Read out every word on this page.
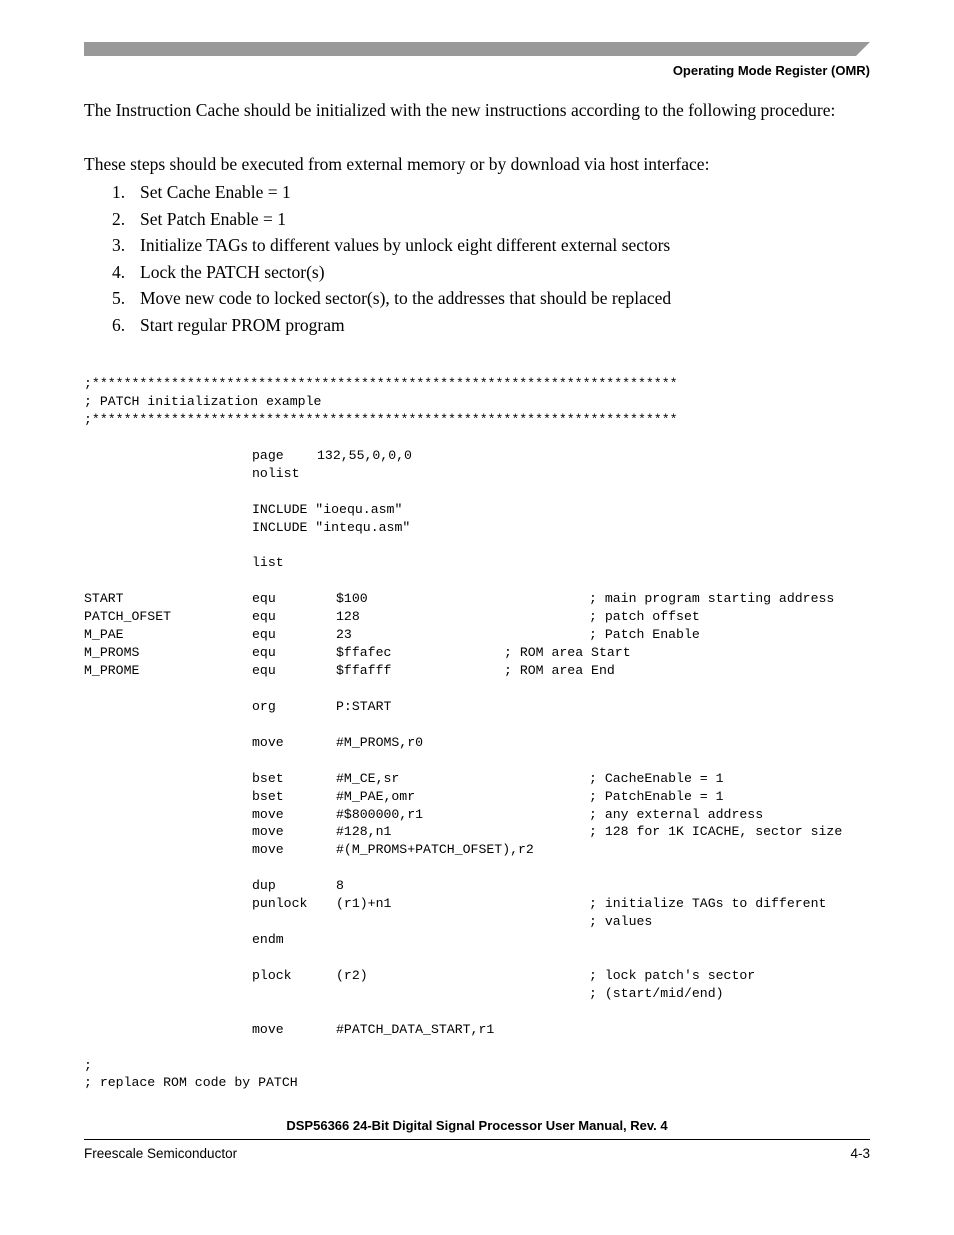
Operating Mode Register (OMR)
The Instruction Cache should be initialized with the new instructions according to the following procedure:
These steps should be executed from external memory or by download via host interface:
1. Set Cache Enable = 1
2. Set Patch Enable = 1
3. Initialize TAGs to different values by unlock eight different external sectors
4. Lock the PATCH sector(s)
5. Move new code to locked sector(s), to the addresses that should be replaced
6. Start regular PROM program
;**************************************************************************
; PATCH initialization example
;**************************************************************************
page	132,55,0,0,0
nolist
INCLUDE "ioequ.asm"
INCLUDE "intequ.asm"
list
START	equ	$100	; main program starting address
PATCH_OFSET	equ	128	; patch offset
M_PAE	equ	23	; Patch Enable
M_PROMS	equ	$ffafec	; ROM area Start
M_PROME	equ	$ffafff	; ROM area End
org	P:START
move	#M_PROMS,r0
bset	#M_CE,sr	; CacheEnable = 1
bset	#M_PAE,omr	; PatchEnable = 1
move	#$800000,r1	; any external address
move	#128,n1	; 128 for 1K ICACHE, sector size
move	#(M_PROMS+PATCH_OFSET),r2
dup	8
punlock (r1)+n1	; initialize TAGs to different
; values
endm
plock	(r2)	; lock patch's sector
; (start/mid/end)
move	#PATCH_DATA_START,r1
;
; replace ROM code by PATCH
DSP56366 24-Bit Digital Signal Processor User Manual, Rev. 4
Freescale Semiconductor	4-3
